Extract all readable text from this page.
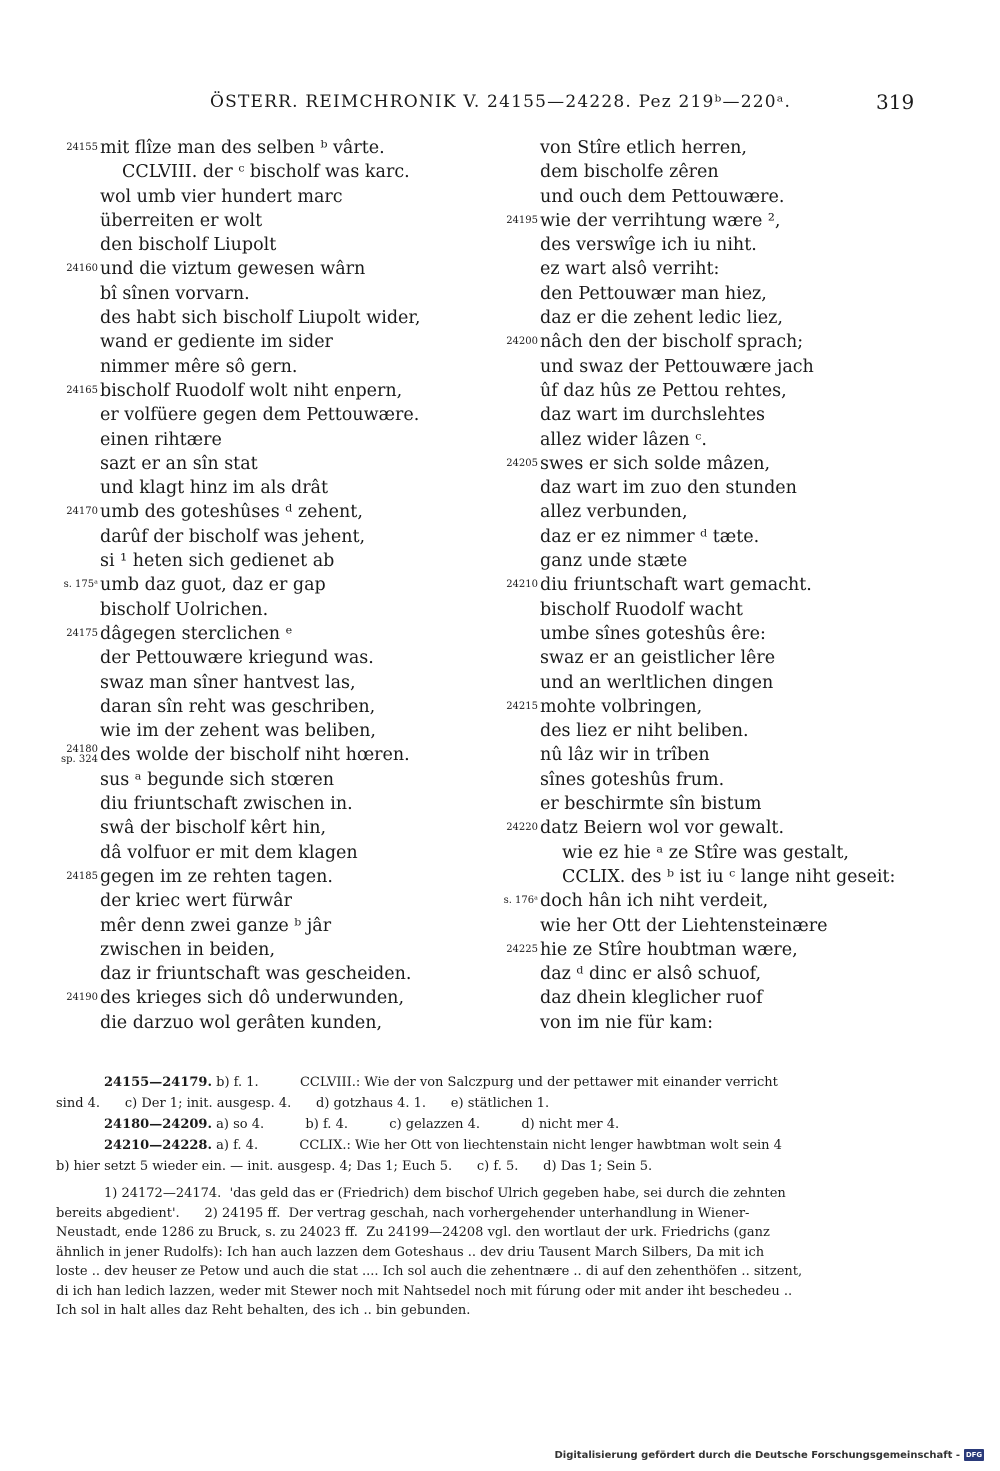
ÖSTERR. REIMCHRONIK V. 24155—24228. Pez 219ᵇ—220ᵃ.	319
24155 mit flîze man des selben ᵇ vârte.
CCLVIII. der ᶜ bischolf was karc.
wol umb vier hundert marc
überreiten er wolt
den bischolf Liupolt
24160 und die viztum gewesen wârn
bî sînen vorvarn.
des habt sich bischolf Liupolt wider,
wand er gediente im sider
nimmer mêre sô gern.
24165 bischolf Ruodolf wolt niht enpern,
er volfüere gegen dem Pettouwære.
einen rihtære
sazt er an sîn stat
und klagt hinz im als drât
24170 umb des goteshûses ᵈ zehent,
darûf der bischolf was jehent,
si ¹ heten sich gedienet ab
s. 175ᵃ umb daz guot, daz er gap
bischolf Uolrichen.
24175 dâgegen sterclichen ᵉ
der Pettouwære kriegund was.
swaz man sîner hantvest las,
daran sîn reht was geschriben,
wie im der zehent was beliben,
24180
sp. 324 des wolde der bischolf niht hœren.
sus ᵃ begunde sich stœren
diu friuntschaft zwischen in.
swâ der bischolf kêrt hin,
dâ volfuor er mit dem klagen
24185 gegen im ze rehten tagen.
der kriec wert fürwâr
mêr denn zwei ganze ᵇ jâr
zwischen in beiden,
daz ir friuntschaft was gescheiden.
24190 des krieges sich dô underwunden,
die darzuo wol gerâten kunden,
von Stîre etlich herren,
dem bischolfe zêren
und ouch dem Pettouwære.
24195 wie der verrihtung wære ²,
des verswîge ich iu niht.
ez wart alsô verriht:
den Pettouwær man hiez,
daz er die zehent ledic liez,
24200 nâch den der bischolf sprach;
und swaz der Pettouwære jach
ûf daz hûs ze Pettou rehtes,
daz wart im durchslehtes
allez wider lâzen ᶜ.
24205 swes er sich solde mâzen,
daz wart im zuo den stunden
allez verbunden,
daz er ez nimmer ᵈ tæte.
ganz unde stæte
24210 diu friuntschaft wart gemacht.
bischolf Ruodolf wacht
umbe sînes goteshûs êre:
swaz er an geistlicher lêre
und an werltlichen dingen
24215 mohte volbringen,
des liez er niht beliben.
nû lâz wir in trîben
sînes goteshûs frum.
er beschirmte sîn bistum
24220 datz Beiern wol vor gewalt.
wie ez hie ᵃ ze Stîre was gestalt,
CCLIX. des ᵇ ist iu ᶜ lange niht geseit:
s. 176ᵃ doch hân ich niht verdeit,
wie her Ott der Liehtensteinære
24225 hie ze Stîre houbtman wære,
daz ᵈ dinc er alsô schuof,
daz dhein kleglicher ruof
von im nie für kam:
24155—24179. b) f. 1.          CCLVIII.: Wie der von Salczpurg und der pettawer mit einander verricht
sind 4.      c) Der 1; init. ausgesp. 4.      d) gotzhaus 4. 1.      e) stätlichen 1.
24180—24209. a) so 4.          b) f. 4.          c) gelazzen 4.          d) nicht mer 4.
24210—24228. a) f. 4.          CCLIX.: Wie her Ott von liechtenstain nicht lenger hawbtman wolt sein 4
b) hier setzt 5 wieder ein. — init. ausgesp. 4; Das 1; Euch 5.      c) f. 5.      d) Das 1; Sein 5.
1) 24172—24174.  'das geld das er (Friedrich) dem bischof Ulrich gegeben habe, sei durch die zehnten
bereits abgedient'.      2) 24195 ff.  Der vertrag geschah, nach vorhergehender unterhandlung in Wiener-
Neustadt, ende 1286 zu Bruck, s. zu 24023 ff.  Zu 24199—24208 vgl. den wortlaut der urk. Friedrichs (ganz
ähnlich in jener Rudolfs): Ich han auch lazzen dem Goteshaus .. dev driu Tausent March Silbers, Da mit ich
loste .. dev heuser ze Petow und auch die stat .... Ich sol auch die zehentnære .. di auf den zehenthöfen .. sitzent,
di ich han ledich lazzen, weder mit Stewer noch mit Nahtsedel noch mit fúrung oder mit ander iht beschedeu ..
Ich sol in halt alles daz Reht behalten, des ich .. bin gebunden.
Digitalisierung gefördert durch die Deutsche Forschungsgemeinschaft - DFG
